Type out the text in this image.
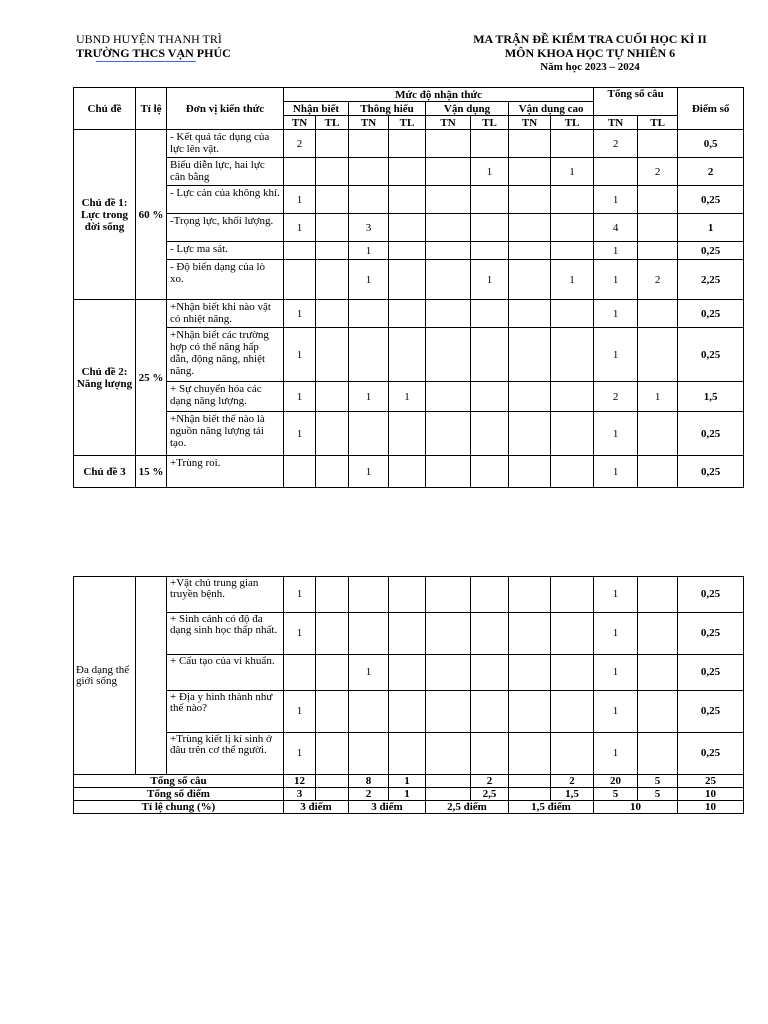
UBND HUYỆN THANH TRÌ
TRƯỜNG THCS VẠN PHÚC
MA TRẬN ĐỀ KIỂM TRA CUỐI HỌC KÌ II
MÔN KHOA HỌC TỰ NHIÊN 6
Năm học 2023 – 2024
Chủ đề	Tỉ lệ	Đơn vị kiến thức	Mức độ nhận thức								Tổng số câu		Điểm số
			Nhận biết		Thông hiểu		Vận dụng		Vận dụng cao				
			TN	TL	TN	TL	TN	TL	TN	TL	TN	TL	
Chủ đề 1: Lực trong đời sống	60 %	- Kết quả tác dụng của lực lên vật.	2								2		0,5
		Biểu diễn lực, hai lực cân bằng						1		1		2	2
		- Lực cản của không khí.	1								1		0,25
		-Trọng lực, khối lượng.	1		3						4		1
		- Lực ma sát.			1						1		0,25
		- Độ biến dạng của lò xo.			1			1		1	1	2	2,25
Chủ đề 2: Năng lượng	25 %	+Nhận biết khi nào vật có nhiệt năng.	1								1		0,25
		+Nhận biết các trường hợp có thế năng hấp dẫn, động năng, nhiệt năng.	1								1		0,25
		+ Sự chuyển hóa các dạng năng lượng.	1		1	1					2	1	1,5
		+Nhận biết thế nào là nguồn năng lượng tái tạo.	1								1		0,25
Chủ đề 3	15 %	+Trùng roi.			1						1		0,25
Đa dạng thế giới sống		+Vật chủ trung gian truyền bệnh.	1								1		0,25
		+ Sinh cảnh có độ đa dạng sinh học thấp nhất.	1								1		0,25
		+ Cấu tạo của vi khuẩn.			1						1		0,25
		+ Địa y hình thành như thế nào?	1								1		0,25
		+Trùng kiết lị kí sinh ở đâu trên cơ thể người.	1								1		0,25
Tổng số câu			12		8	1		2		2	20	5	25
Tổng số điểm			3		2	1		2,5		1,5	5	5	10
Tỉ lệ chung (%)			3 điểm		3 điểm		2,5 điểm		1,5 điểm		10		10
